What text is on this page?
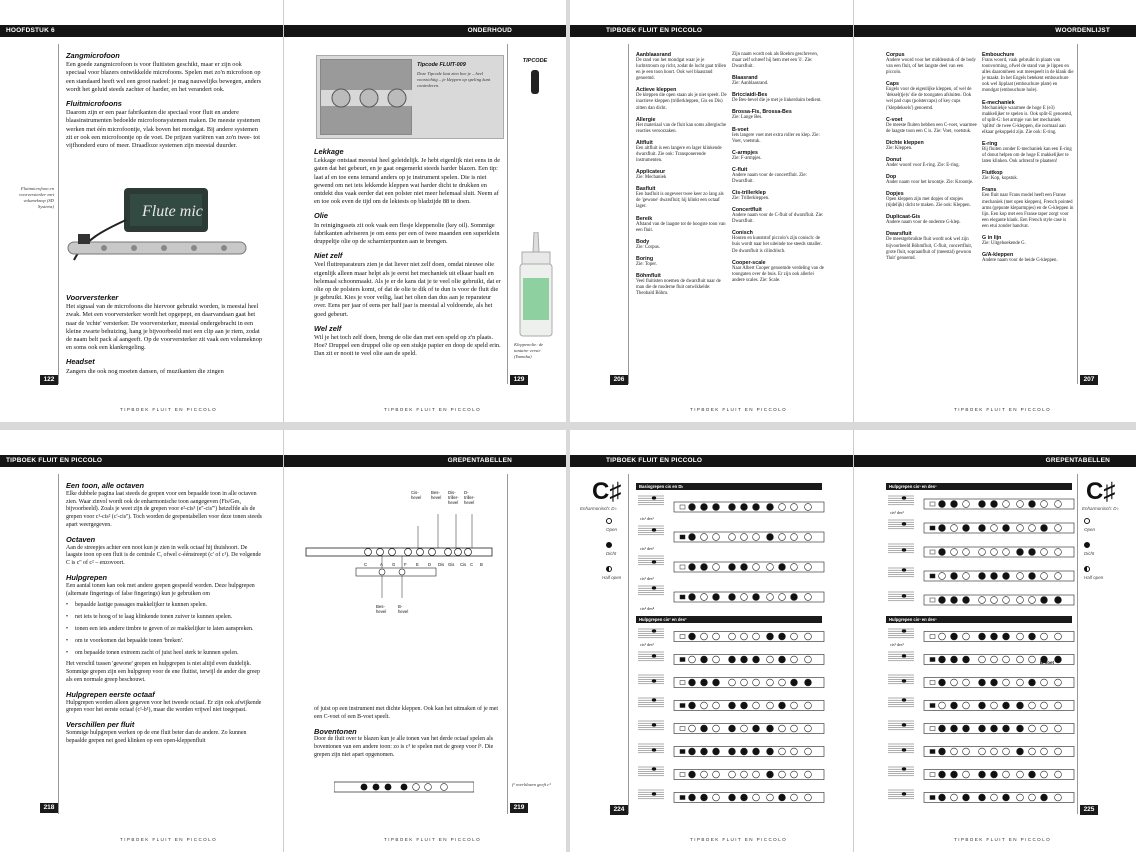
HOOFDSTUK 6
Zangmicrofoon

Een goede zangmicrofoon is voor fluitisten geschikt, maar er zijn ook speciaal voor blazers ontwikkelde microfoons. Spelen met zo'n microfoon op een standaard heeft wel een groot nadeel: je mag nauwelijks bewegen, anders wordt het geluid steeds zachter of harder, en het verandert ook.

Fluitmicrofoons

Daarom zijn er een paar fabrikanten die speciaal voor fluit en andere blaasinstrumenten bedoelde microfoonsystemen maken. De meeste systemen werken met één microfoontje, vlak boven het mondgat. Bij andere systemen zit er ook een microfoontje op de voet. De prijzen variëren van zo'n twee- tot vijfhonderd euro of meer. Draadloze systemen zijn meestal duurder.

Fluitmicrofoon en voorversterker met volumeknop (SD Systems)	Flute mic
Voorversterker

Het signaal van de microfoons die hiervoor gebruikt worden, is meestal heel zwak. Met een voorversterker wordt het opgepept, en daarvandaan gaat het naar de 'echte' versterker. De voorversterker, meestal ondergebracht in een kleine zwarte behuizing, hang je bijvoorbeeld met een clip aan je riem, zodat de naam belt pack al aangeeft. Op de voorversterker zit vaak een volumeknop en soms ook een klankregeling.

Headset

Zangers die ook nog moeten dansen, of muzikanten die zingen

122
TIPBOEK FLUIT EN PICCOLO
ONDERHOUD
Tipcode FLUIT-009
Deze Tipcode laat zien hoe je – heel voorzichtig – je kleppen op speling kunt controleren.
TIPCODE
Lekkage

Lekkage ontstaat meestal heel geleidelijk. Je hebt eigenlijk niet eens in de gaten dat het gebeurt, en je gaat ongemerkt steeds harder blazen. Een tip: laat af en toe eens iemand anders op je instrument spelen. Die is niet gewend om net iets lekkende kleppen wat harder dicht te drukken en ontdekt dus vaak eerder dat een polster niet meer helemaal sluit. Neem af en toe ook even de tijd om de lektests op bladzijde 88 te doen.

Olie

In reinigingssets zit ook vaak een flesje kleppenolie (key oil). Sommige fabrikanten adviseren je om eens per een of twee maanden een superklein druppeltje olie op de scharnierpunten aan te brengen.

Niet zelf

Veel fluitreparateurs zien je dat liever niet zelf doen, omdat nieuwe olie eigenlijk alleen maar helpt als je eerst het mechaniek uit elkaar haalt en helemaal schoonmaakt. Als je er de kans dat je te veel olie gebruikt, dat er olie op de polsters komt, of dat de olie te dik of te dun is voor de fluit die je gebruikt. Kies je voor veilig, laat het olien dan dus aan je reparateur over. Eens per jaar of eens per half jaar is meestal al voldoende, als het goed gebeurt.

Wel zelf

Wil je het toch zelf doen, breng de olie dan met een speld op z'n plaats. Hoe? Druppel een druppel olie op een stukje papier en doop de speld erin. Dan zit er nooit te veel olie aan de speld.

Kleppenolie: de tantaire versie (Yamaha)
129
TIPBOEK FLUIT EN PICCOLO
TIPBOEK FLUIT EN PICCOLO
Aanblaasrand
De rand van het mondgat waar je je luchtstroom op richt, zodat de lucht gaat trillen en je een toon hoort. Ook wel blaasrand genoemd.
Actieve kleppen
De kleppen die open staan als je niet speelt. De inactieve kleppen (trillerkleppen, Gis en Dis) zitten dan dicht.
Allergie
Het materiaal van de fluit kan soms allergische reacties veroorzaken.
Altfluit
Een altfluit is een langere en lager klinkende dwarsfluit. Zie ook: Transponerende instrumenten.
Applicateur
Zie: Mechaniek
Basfluit
Een basfluit is ongeveer twee keer zo lang als de 'gewone' dwarsfluit; hij klinkt een octaaf lager.
Bereik
Afstand van de laagste tot de hoogste toon van een fluit.
Body
Zie: Corpus.
Boring
Zie: Toper.
Böhmfluit
Veel fluitisten noemen de dwarsfluit naar de man die de moderne fluit ontwikkelde: Theobald Böhm.
Zijn naam wordt ook als Boehm geschreven, maar zelf schreef hij hem met een 'ö'. Zie: Dwarsfluit.
Blaasrand
Zie: Aanblaasrand.
Bricciaidi-Bes
De Bes-hevel die je met je linkerduim bedient.
Brossa-Fis, Brossa-Bes
Zie: Lange Bes.
B-voet
Iets langere voet met extra roller en klep. Zie: Voet, voetstuk.
C-armpjes
Zie: F-armpjes.
C-fluit
Andere naam voor de concertfluit. Zie: Dwarsfluit.
Cis-trillerklep
Zie: Trillerkleppen.
Concertfluit
Andere naam voor de C-fluit of dwarsfluit. Zie: Dwarsfluit.
Conisch
Houten en kunststof piccolo's zijn conisch: de buis wordt naar het uiteinde toe steeds smaller. De dwarsfluit is cilindrisch.
Cooper-scale
Naar Albert Cooper genoemde verdeling van de toongaten over de buis. Er zijn ook allerlei andere scales. Zie: Scale.
206
TIPBOEK FLUIT EN PICCOLO
WOORDENLIJST
Corpus
Andere woord voor het middenstuk of de body van een fluit, of het langste deel van een piccolo.
Caps
Engels voor de eigenlijke kleppen, of wel de 'deksel(tje)s' die de toongaten afsluiten. Ook wel pad cups (polstercaps) of key cups ('klepdeksels') genoemd.
C-voet
De meeste fluiten hebben een C-voet, waarmee de laagste toon een C is. Zie: Voet, voetstuk.
Dichte kleppen
Zie: Kleppen.
Donut
Ander woord voor E-ring. Zie: E-ring.
Dop
Ander naam voor het kroontje. Zie: Kroontje.
Dopjes
Open kleppen zijn met dopjes of stopjes (tijdelijk) dicht te maken. Zie ook: Kleppen.
Duplicaat-Gis
Andere naam voor de onderste G-klep.
Dwarsfluit
De meestgebruikte fluit wordt ook wel zijn bijvoorbeeld Böhmfluit, C-fluit, concertfluit, grote fluit, sopraanfluit of (meestal) gewoon 'fluit' genoemd.
Embouchure
Frans woord, vaak gebruikt in plaats van toonvorming, ofwel de stand van je lippen en alles daaromheen wat meespeelt in de klank die je maakt. In het Engels betekent embouchure ook wel lipplaat (embouchure plate) en mondgat (embouchure hole).
E-mechaniek
Mechaniekje waarmee de hoge E (e3) makkelijker te spelen is. Ook split-E genoemd, of split-G: het armpje van het mechaniek 'splitst' de twee G-kleppen, die normaal aan elkaar gekoppeld zijn. Zie ook: E-ring.
E-ring
Bij fluiten zonder E-mechaniek kan een E-ring of donut helpen om de hoge E makkelijker te laten klinken. Ook achteraf te plaatsen!
Fluitkop
Zie: Kop, kopstuk.
Frans
Een fluit naar Frans model heeft een Franse mechaniek (met open kleppen), French pointed arms (gepunte kleparmpjes) en de G-kleppen in lijn. Een kop met een Franse taper zorgt voor een elegante klank. Een French style case is een etui zonder handvat.
G in lijn
Zie: Uitgehoekende G.
G/A-kleppen
Andere naam voor de beide G-kleppen.
207
TIPBOEK FLUIT EN PICCOLO
TIPBOEK FLUIT EN PICCOLO
Een toon, alle octaven

Elke dubbele pagina laat steeds de grepen voor een bepaalde toon in alle octaven zien. Waar zinvol wordt ook de enharmonische toon aangegeven (Fis/Ges, bijvoorbeeld). Zoals je weet zijn de grepen voor e²-cis³ (e''-cis''') hetzelfde als de grepen voor c¹-cis² (c'-cis''). Toch worden de grepentabellen voor deze tonen steeds apart weergegeven.

Octaven

Aan de streepjes achter een noot kun je zien in welk octaaf hij thuishoort. De laagste toon op een fluit is de centrale C, ofwel c-éénstreept (c' of c¹). De volgende C is c'' of c² – enzovoort.

Hulpgrepen

Een aantal tonen kan ook met andere grepen gespeeld worden. Deze hulpgrepen (alternate fingerings of false fingerings) kun je gebruiken om

• bepaalde lastige passages makkelijker te kunnen spelen.
• net iets te hoog of te laag klinkende tonen zuiver te kunnen spelen.
• tonen een iets andere timbre te geven of ze makkelijker te laten aanspreken.
• om te voorkomen dat bepaalde tonen 'breken'.
• om bepaalde tonen extreem zacht of juist heel sterk te kunnen spelen.

Het verschil tussen 'gewone' grepen en hulpgrepen is niet altijd even duidelijk. Sommige grepen zijn een hulpgreep voor de ene fluitist, terwijl de ander die greep als een normale greep beschouwt.

Hulpgrepen eerste octaaf

Hulpgrepen worden alleen gegeven voor het tweede octaaf. Er zijn ook afwijkende grepen voor het eerste octaaf (c¹-b¹), maar die worden vrijwel niet toegepast.

Verschillen per fluit

Sommige hulpgrepen werken op de ene fluit beter dan de andere. Zo kunnen bepaalde grepen net goed klinken op een open-kleppenfluit

218
TIPBOEK FLUIT EN PICCOLO
GREPENTABELLEN
Cis-hevel
Bes-hevel
Dis-triller-hevel
D-triller-hevel
C	A	G	F	E	D	Dis Gis	Cis C	B
Bes-hevel
B-hevel

of juist op een instrument met dichte kleppen. Ook kan het uitmaken of je met een C-voet of een B-voet speelt.

Boventonen

Door de fluit over te blazen kun je alle tonen van het derde octaaf spelen als boventonen van een andere toon: zo is c³ te spelen met de greep voor f¹. Die grepen zijn niet apart opgenomen.

f¹ overblazen geeft c³
219
TIPBOEK FLUIT EN PICCOLO
TIPBOEK FLUIT EN PICCOLO
C♯
Enharmonisch: D♭
Open
Dicht
Half open
Basisgrepen cis en D♭
cis¹ des¹
cis² des²
cis³ des³
cis⁴ des⁴
Hulpgrepen cis² en des²
cis² des²
224
TIPBOEK FLUIT EN PICCOLO
GREPENTABELLEN
Hulpgrepen cis³ en des³
cis³ des³
Hulpgrepen cis³ en des³
cis³ des³
B-voet
C♯
Enharmonisch: D♭
Open
Dicht
Half open
225
TIPBOEK FLUIT EN PICCOLO
